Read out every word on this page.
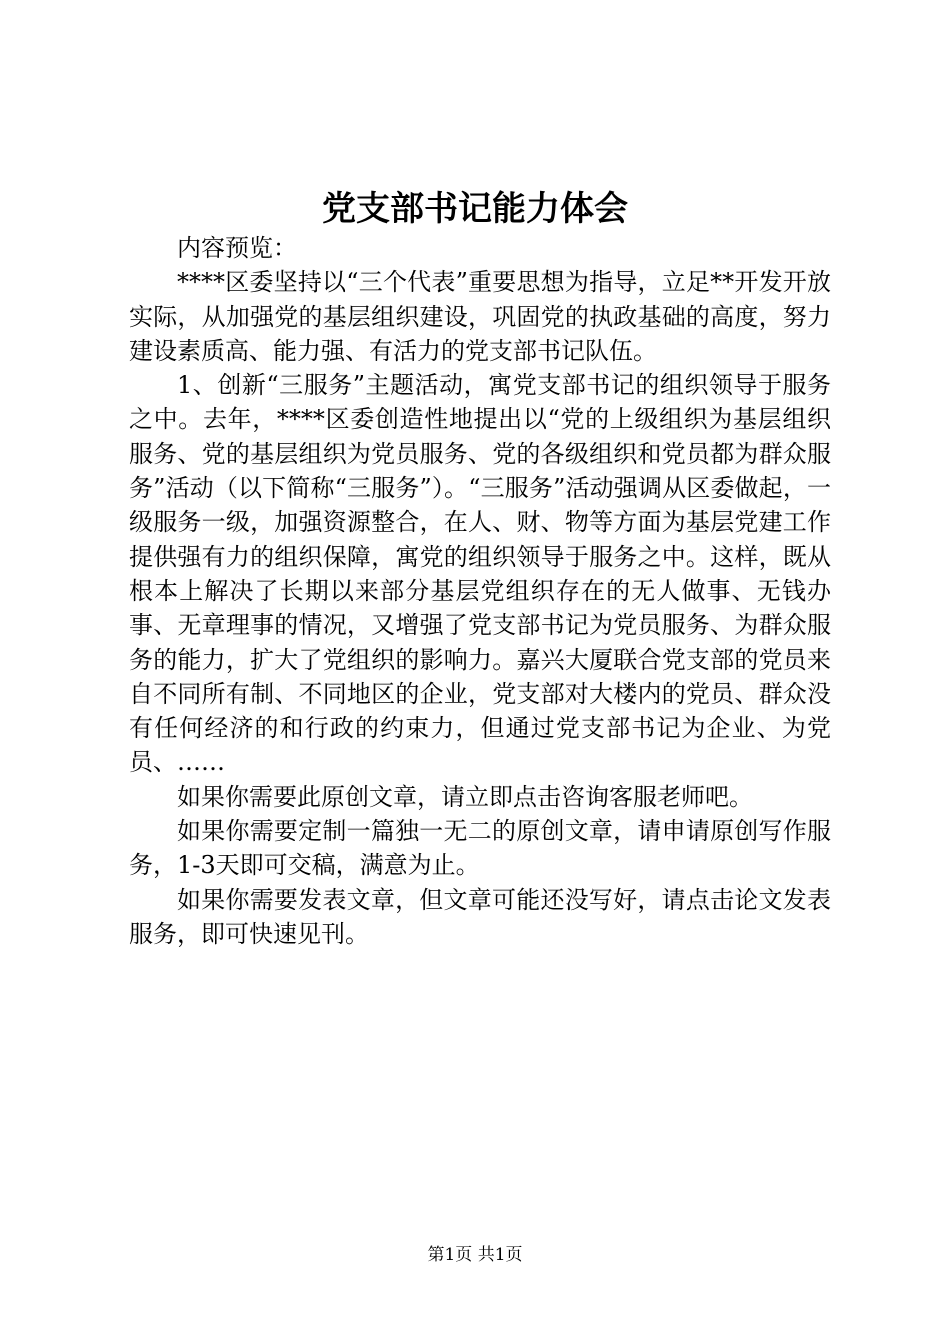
党支部书记能力体会

内容预览：

****区委坚持以“三个代表”重要思想为指导，立足**开发开放实际，从加强党的基层组织建设，巩固党的执政基础的高度，努力建设素质高、能力强、有活力的党支部书记队伍。

1、创新“三服务”主题活动，寓党支部书记的组织领导于服务之中。去年，****区委创造性地提出以“党的上级组织为基层组织服务、党的基层组织为党员服务、党的各级组织和党员都为群众服务”活动（以下简称“三服务”）。“三服务”活动强调从区委做起，一级服务一级，加强资源整合，在人、财、物等方面为基层党建工作提供强有力的组织保障，寓党的组织领导于服务之中。这样，既从根本上解决了长期以来部分基层党组织存在的无人做事、无钱办事、无章理事的情况，又增强了党支部书记为党员服务、为群众服务的能力，扩大了党组织的影响力。嘉兴大厦联合党支部的党员来自不同所有制、不同地区的企业，党支部对大楼内的党员、群众没有任何经济的和行政的约束力，但通过党支部书记为企业、为党员、……

如果你需要此原创文章，请立即点击咨询客服老师吧。

如果你需要定制一篇独一无二的原创文章，请申请原创写作服务，1-3天即可交稿，满意为止。

如果你需要发表文章，但文章可能还没写好，请点击论文发表服务，即可快速见刊。

第1页 共1页
